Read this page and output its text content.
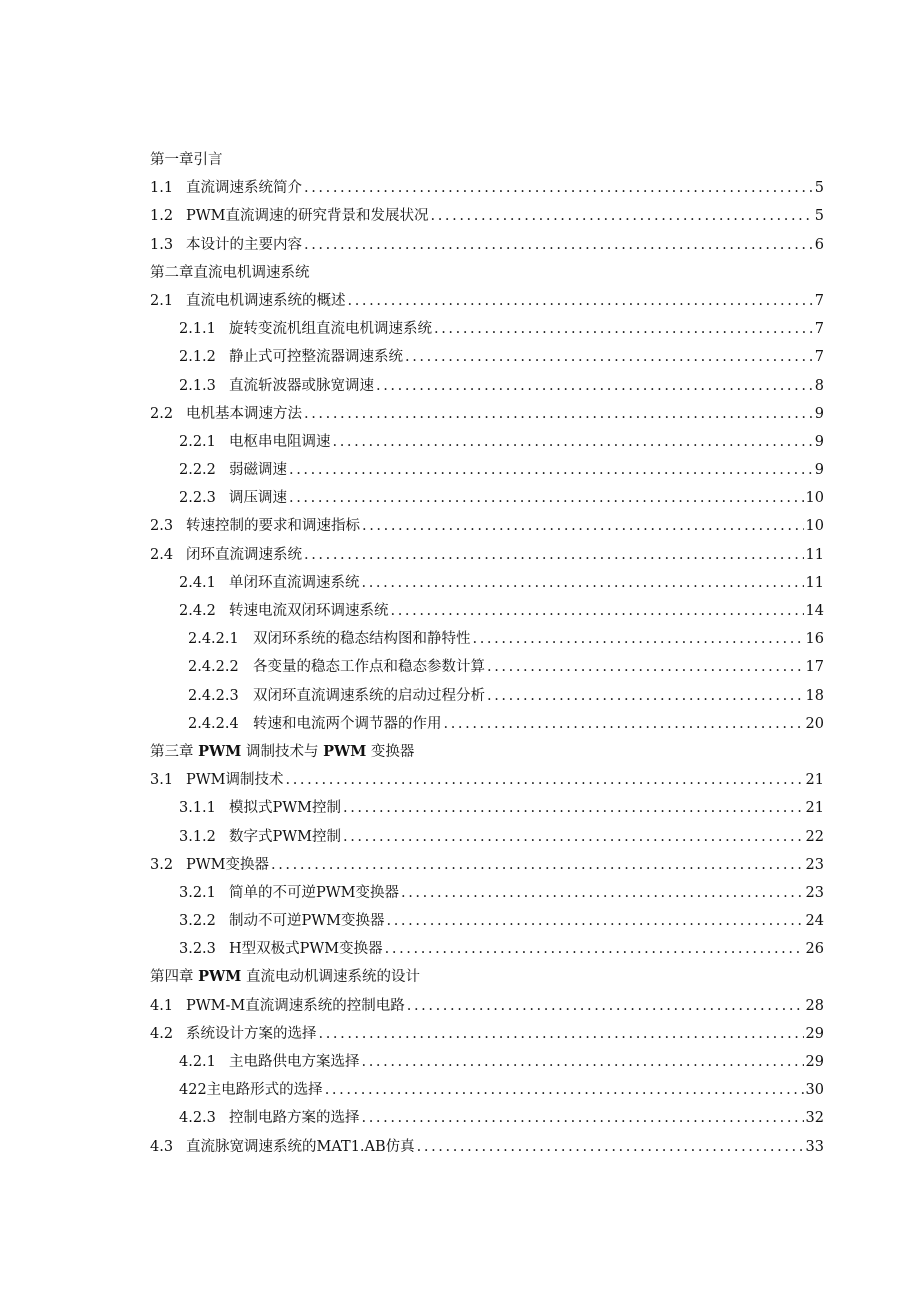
第一章引言
1.1 直流调速系统简介 .....	5
1.2 PWM直流调速的研究背景和发展状况 .....	5
1.3 本设计的主要内容 .....	6
第二章直流电机调速系统
2.1 直流电机调速系统的概述 .....	7
2.1.1 旋转变流机组直流电机调速系统 .....	7
2.1.2 静止式可控整流器调速系统 .....	7
2.1.3 直流斩波器或脉宽调速 .....	8
2.2 电机基本调速方法 .....	9
2.2.1 电枢串电阻调速 .....	9
2.2.2 弱磁调速 .....	9
2.2.3 调压调速 .....	10
2.3 转速控制的要求和调速指标 .....	10
2.4 闭环直流调速系统 .....	11
2.4.1 单闭环直流调速系统 .....	11
2.4.2 转速电流双闭环调速系统 .....	14
2.4.2.1 双闭环系统的稳态结构图和静特性 .....	16
2.4.2.2 各变量的稳态工作点和稳态参数计算 .....	17
2.4.2.3 双闭环直流调速系统的启动过程分析 .....	18
2.4.2.4 转速和电流两个调节器的作用 .....	20
第三章 PWM 调制技术与 PWM 变换器
3.1 PWM调制技术 .....	21
3.1.1 模拟式PWM控制 .....	21
3.1.2 数字式PWM控制 .....	22
3.2 PWM变换器 .....	23
3.2.1 简单的不可逆PWM变换器 .....	23
3.2.2 制动不可逆PWM变换器 .....	24
3.2.3 H型双极式PWM变换器 .....	26
第四章 PWM 直流电动机调速系统的设计
4.1 PWM-M直流调速系统的控制电路 .....	28
4.2 系统设计方案的选择 .....	29
4.2.1 主电路供电方案选择 .....	29
422主电路形式的选择 .....	30
4.2.3 控制电路方案的选择 .....	32
4.3 直流脉宽调速系统的MAT1.AB仿真 .....	33
